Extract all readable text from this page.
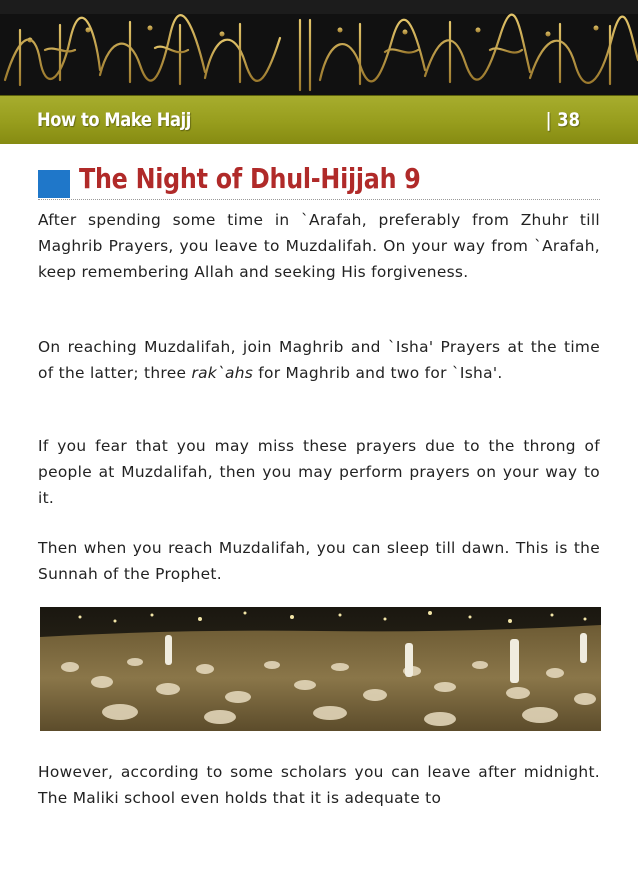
How to Make Hajj	| 38
The Night of Dhul-Hijjah 9

After spending some time in `Arafah, preferably from Zhuhr till Maghrib Prayers, you leave to Muzdalifah. On your way from `Arafah, keep remembering Allah and seeking His forgiveness.

On reaching Muzdalifah, join Maghrib and `Isha' Prayers at the time of the latter; three rak`ahs for Maghrib and two for `Isha'.

If you fear that you may miss these prayers due to the throng of people at Muzdalifah, then you may perform prayers on your way to it.

Then when you reach Muzdalifah, you can sleep till dawn. This is the Sunnah of the Prophet.

However, according to some scholars you can leave after midnight. The Maliki school even holds that it is adequate to
